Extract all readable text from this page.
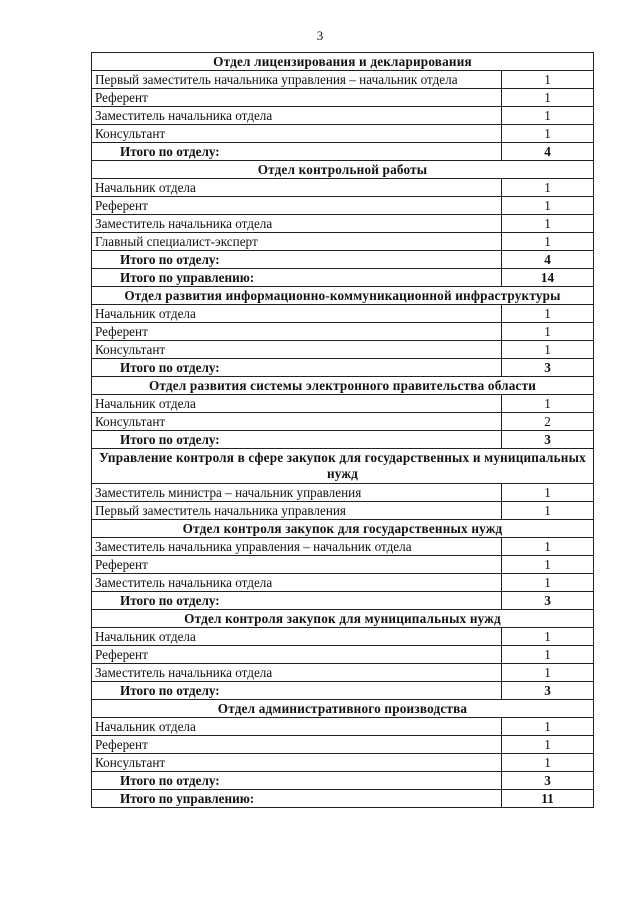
3
Отдел лицензирования и декларирования	
Первый заместитель начальника управления – начальник отдела	1
Референт	1
Заместитель начальника отдела	1
Консультант	1
Итого по отделу:	4
Отдел контрольной работы	
Начальник отдела	1
Референт	1
Заместитель начальника отдела	1
Главный специалист-эксперт	1
Итого по отделу:	4
Итого по управлению:	14
Отдел развития информационно-коммуникационной инфраструктуры	
Начальник отдела	1
Референт	1
Консультант	1
Итого по отделу:	3
Отдел развития системы электронного правительства области	
Начальник отдела	1
Консультант	2
Итого по отделу:	3
Управление контроля в сфере закупок для государственных и муниципальных нужд	
Заместитель министра – начальник управления	1
Первый заместитель начальника управления	1
Отдел контроля закупок для государственных нужд	
Заместитель начальника управления – начальник отдела	1
Референт	1
Заместитель начальника отдела	1
Итого по отделу:	3
Отдел контроля закупок для муниципальных нужд	
Начальник отдела	1
Референт	1
Заместитель начальника отдела	1
Итого по отделу:	3
Отдел административного производства	
Начальник отдела	1
Референт	1
Консультант	1
Итого по отделу:	3
Итого по управлению:	11
